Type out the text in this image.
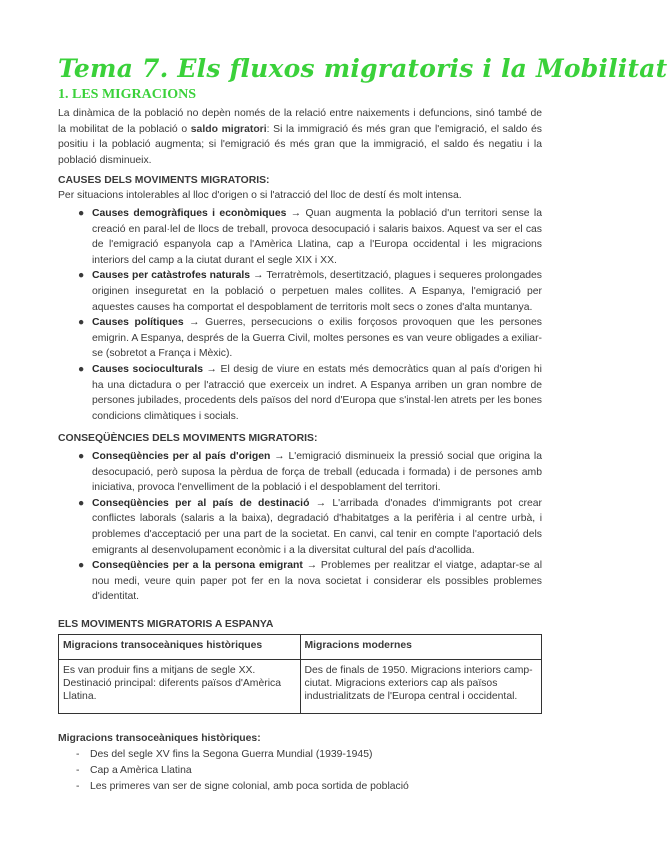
Tema 7. Els fluxos migratoris i la Mobilitat
1. LES MIGRACIONS
La dinàmica de la població no depèn només de la relació entre naixements i defuncions, sinó també de la mobilitat de la població o saldo migratori: Si la immigració és més gran que l'emigració, el saldo és positiu i la població augmenta; si l'emigració és més gran que la immigració, el saldo és negatiu i la població disminueix.
CAUSES DELS MOVIMENTS MIGRATORIS:
Per situacions intolerables al lloc d'origen o si l'atracció del lloc de destí és molt intensa.
● Causes demogràfiques i econòmiques → Quan augmenta la població d'un territori sense la creació en paral·lel de llocs de treball, provoca desocupació i salaris baixos. Aquest va ser el cas de l'emigració espanyola cap a l'Amèrica Llatina, cap a l'Europa occidental i les migracions interiors del camp a la ciutat durant el segle XIX i XX.
● Causes per catàstrofes naturals → Terratrèmols, desertització, plagues i sequeres prolongades originen inseguretat en la població o perpetuen males collites. A Espanya, l'emigració per aquestes causes ha comportat el despoblament de territoris molt secs o zones d'alta muntanya.
● Causes polítiques → Guerres, persecucions o exilis forçosos provoquen que les persones emigrin. A Espanya, després de la Guerra Civil, moltes persones es van veure obligades a exiliar-se (sobretot a França i Mèxic).
● Causes socioculturals → El desig de viure en estats més democràtics quan al país d'origen hi ha una dictadura o per l'atracció que exerceix un indret. A Espanya arriben un gran nombre de persones jubilades, procedents dels països del nord d'Europa que s'instal·len atrets per les bones condicions climàtiques i socials.
CONSEQÜÈNCIES DELS MOVIMENTS MIGRATORIS:
● Conseqüències per al país d'origen → L'emigració disminueix la pressió social que origina la desocupació, però suposa la pèrdua de força de treball (educada i formada) i de persones amb iniciativa, provoca l'envelliment de la població i el despoblament del territori.
● Conseqüències per al país de destinació → L'arribada d'onades d'immigrants pot crear conflictes laborals (salaris a la baixa), degradació d'habitatges a la perifèria i al centre urbà, i problemes d'acceptació per una part de la societat. En canvi, cal tenir en compte l'aportació dels emigrants al desenvolupament econòmic i a la diversitat cultural del país d'acollida.
● Conseqüències per a la persona emigrant → Problemes per realitzar el viatge, adaptar-se al nou medi, veure quin paper pot fer en la nova societat i considerar els possibles problemes d'identitat.
ELS MOVIMENTS MIGRATORIS A ESPANYA
Migracions transoceàniques històriques	Migracions modernes
Es van produir fins a mitjans de segle XX. Destinació principal: diferents països d'Amèrica Llatina.	Des de finals de 1950. Migracions interiors camp-ciutat. Migracions exteriors cap als països industrialitzats de l'Europa central i occidental.
Migracions transoceàniques històriques:
- Des del segle XV fins la Segona Guerra Mundial (1939-1945)
- Cap a Amèrica Llatina
- Les primeres van ser de signe colonial, amb poca sortida de població
